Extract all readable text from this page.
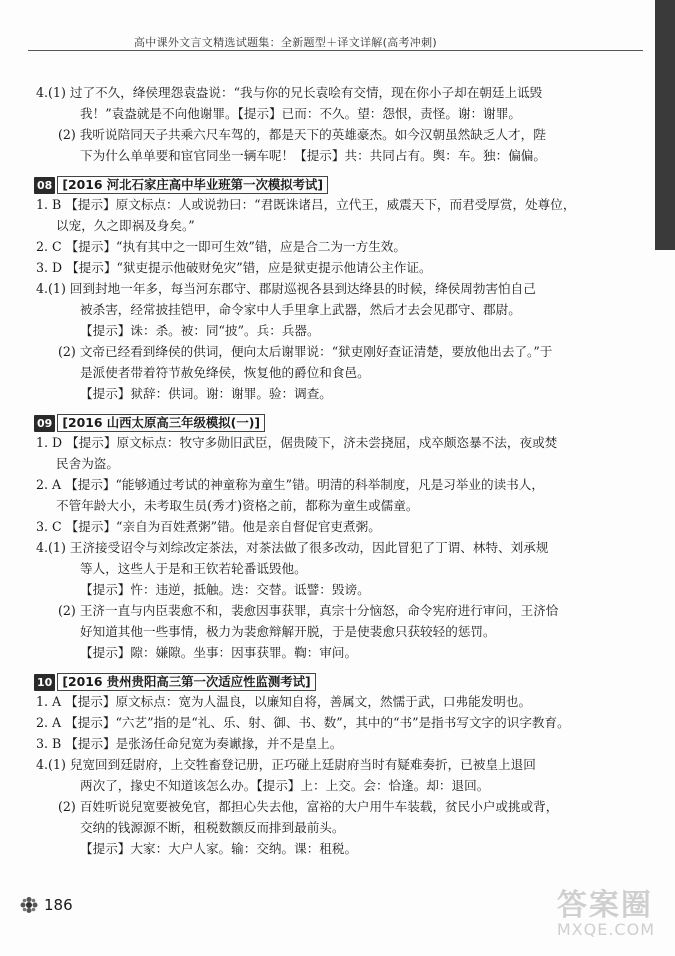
高中课外文言文精选试题集：全新题型＋译文详解(高考冲刺)
4.(1) 过了不久，绛侯理怨袁盎说：“我与你的兄长袁哙有交情，现在你小子却在朝廷上诋毁
我！”袁盎就是不向他谢罪。【提示】已而：不久。望：怨恨，责怪。谢：谢罪。
(2) 我听说陪同天子共乘六尺车驾的，都是天下的英雄豪杰。如今汉朝虽然缺乏人才，陛
下为什么单单要和宦官同坐一辆车呢！【提示】共：共同占有。舆：车。独：偏偏。
08 [2016 河北石家庄高中毕业班第一次模拟考试]
1. B 【提示】原文标点：人或说勃曰：“君既诛诸吕，立代王，威震天下，而君受厚赏，处尊位，
以宠，久之即祸及身矣。”
2. C 【提示】“执有其中之一即可生效”错，应是合二为一方生效。
3. D 【提示】“狱吏提示他破财免灾”错，应是狱吏提示他请公主作证。
4.(1) 回到封地一年多，每当河东郡守、郡尉巡视各县到达绛县的时候，绛侯周勃害怕自己
被杀害，经常披挂铠甲，命令家中人手里拿上武器，然后才去会见郡守、郡尉。
【提示】诛：杀。被：同“披”。兵：兵器。
(2) 文帝已经看到绛侯的供词，便向太后谢罪说：“狱吏刚好查证清楚，要放他出去了。”于
是派使者带着符节赦免绛侯，恢复他的爵位和食邑。
【提示】狱辞：供词。谢：谢罪。验：调查。
09 [2016 山西太原高三年级模拟(一)]
1. D 【提示】原文标点：牧守多勋旧武臣，倨贵陵下，济未尝挠屈，戍卒颇恣暴不法，夜或焚
民舍为盗。
2. A 【提示】“能够通过考试的神童称为童生”错。明清的科举制度，凡是习举业的读书人，
不管年龄大小，未考取生员(秀才)资格之前，都称为童生或儒童。
3. C 【提示】“亲自为百姓煮粥”错。他是亲自督促官吏煮粥。
4.(1) 王济接受诏令与刘综改定茶法，对茶法做了很多改动，因此冒犯了丁谓、林特、刘承规
等人，这些人于是和王钦若轮番诋毁他。
【提示】忤：违逆，抵触。迭：交替。诋譬：毁谤。
(2) 王济一直与内臣裴愈不和，裴愈因事获罪，真宗十分恼怒，命令宪府进行审问，王济恰
好知道其他一些事情，极力为裴愈辩解开脱，于是使裴愈只获较轻的惩罚。
【提示】隙：嫌隙。坐事：因事获罪。鞫：审问。
10 [2016 贵州贵阳高三第一次适应性监测考试]
1. A 【提示】原文标点：宽为人温良，以廉知自将，善属文，然懦于武，口弗能发明也。
2. A 【提示】“六艺”指的是“礼、乐、射、御、书、数”，其中的“书”是指书写文字的识字教育。
3. B 【提示】是张汤任命兒宽为奏谳掾，并不是皇上。
4.(1) 兒宽回到廷尉府，上交牲畜登记册，正巧碰上廷尉府当时有疑难奏折，已被皇上退回
两次了，掾史不知道该怎么办。【提示】上：上交。会：恰逢。却：退回。
(2) 百姓听说兒宽要被免官，都担心失去他，富裕的大户用牛车装载，贫民小户或挑或背，
交纳的钱源源不断，租税数额反而排到最前头。
【提示】大家：大户人家。输：交纳。课：租税。
186	答案圈
MXQE.COM
